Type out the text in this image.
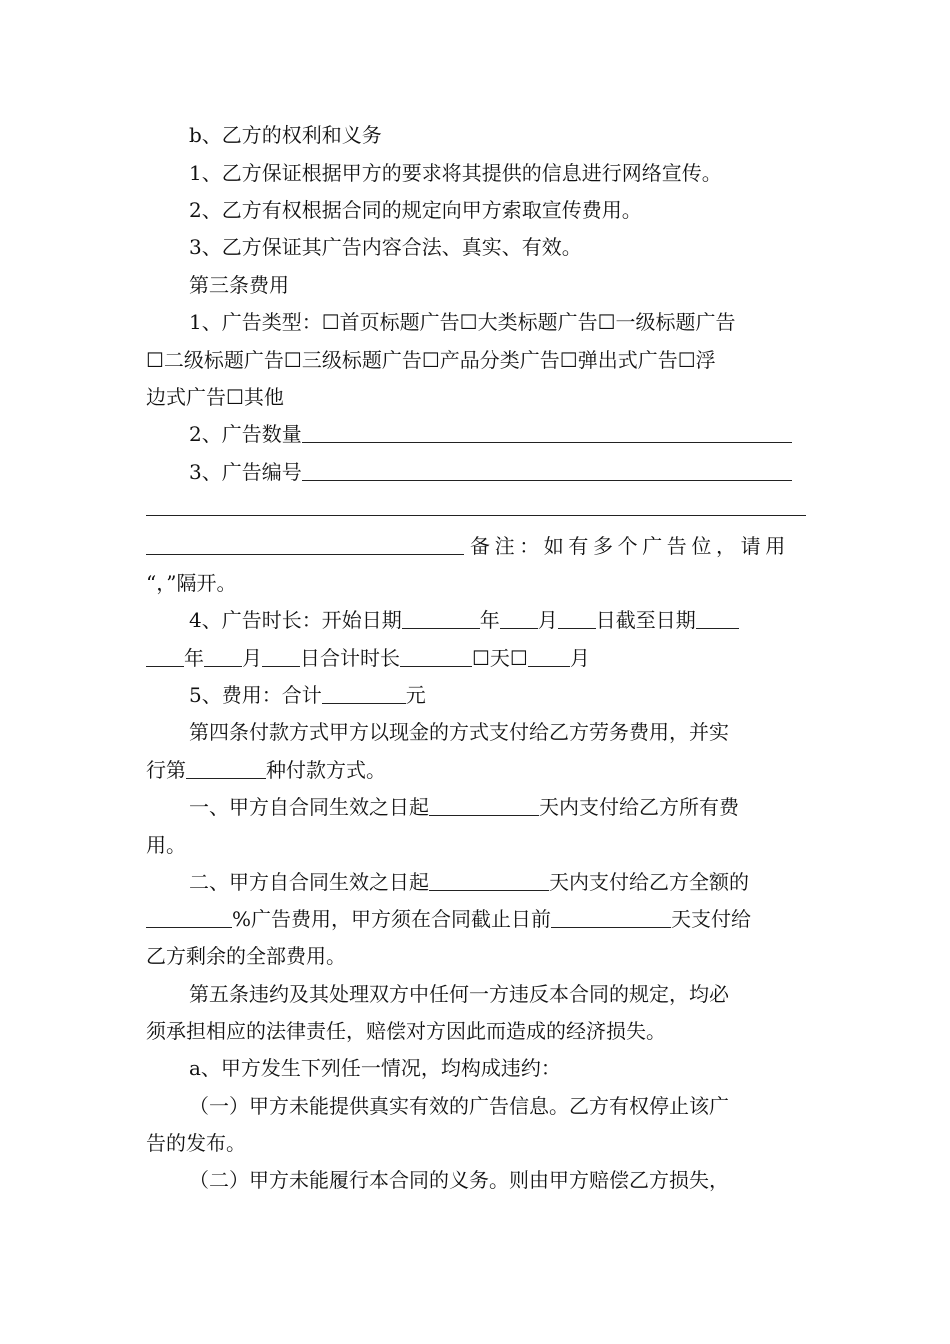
b、乙方的权利和义务
1、乙方保证根据甲方的要求将其提供的信息进行网络宣传。
2、乙方有权根据合同的规定向甲方索取宣传费用。
3、乙方保证其广告内容合法、真实、有效。
第三条费用
1、广告类型：☐首页标题广告☐大类标题广告☐一级标题广告
☐二级标题广告☐三级标题广告☐产品分类广告☐弹出式广告☐浮
边式广告☐其他
2、广告数量
3、广告编号
备注：如有多个广告位，请用
“，”隔开。
4、广告时长：开始日期	年 月 日截至日期
年 月 日合计时长	☐天☐ 月
5、费用：合计	元
第四条付款方式甲方以现金的方式支付给乙方劳务费用，并实
行第	种付款方式。
一、甲方自合同生效之日起	天内支付给乙方所有费
用。
二、甲方自合同生效之日起	天内支付给乙方全额的
%广告费用，甲方须在合同截止日前	天支付给
乙方剩余的全部费用。
第五条违约及其处理双方中任何一方违反本合同的规定，均必
须承担相应的法律责任，赔偿对方因此而造成的经济损失。
a、甲方发生下列任一情况，均构成违约：
（一）甲方未能提供真实有效的广告信息。乙方有权停止该广
告的发布。
（二）甲方未能履行本合同的义务。则由甲方赔偿乙方损失，
